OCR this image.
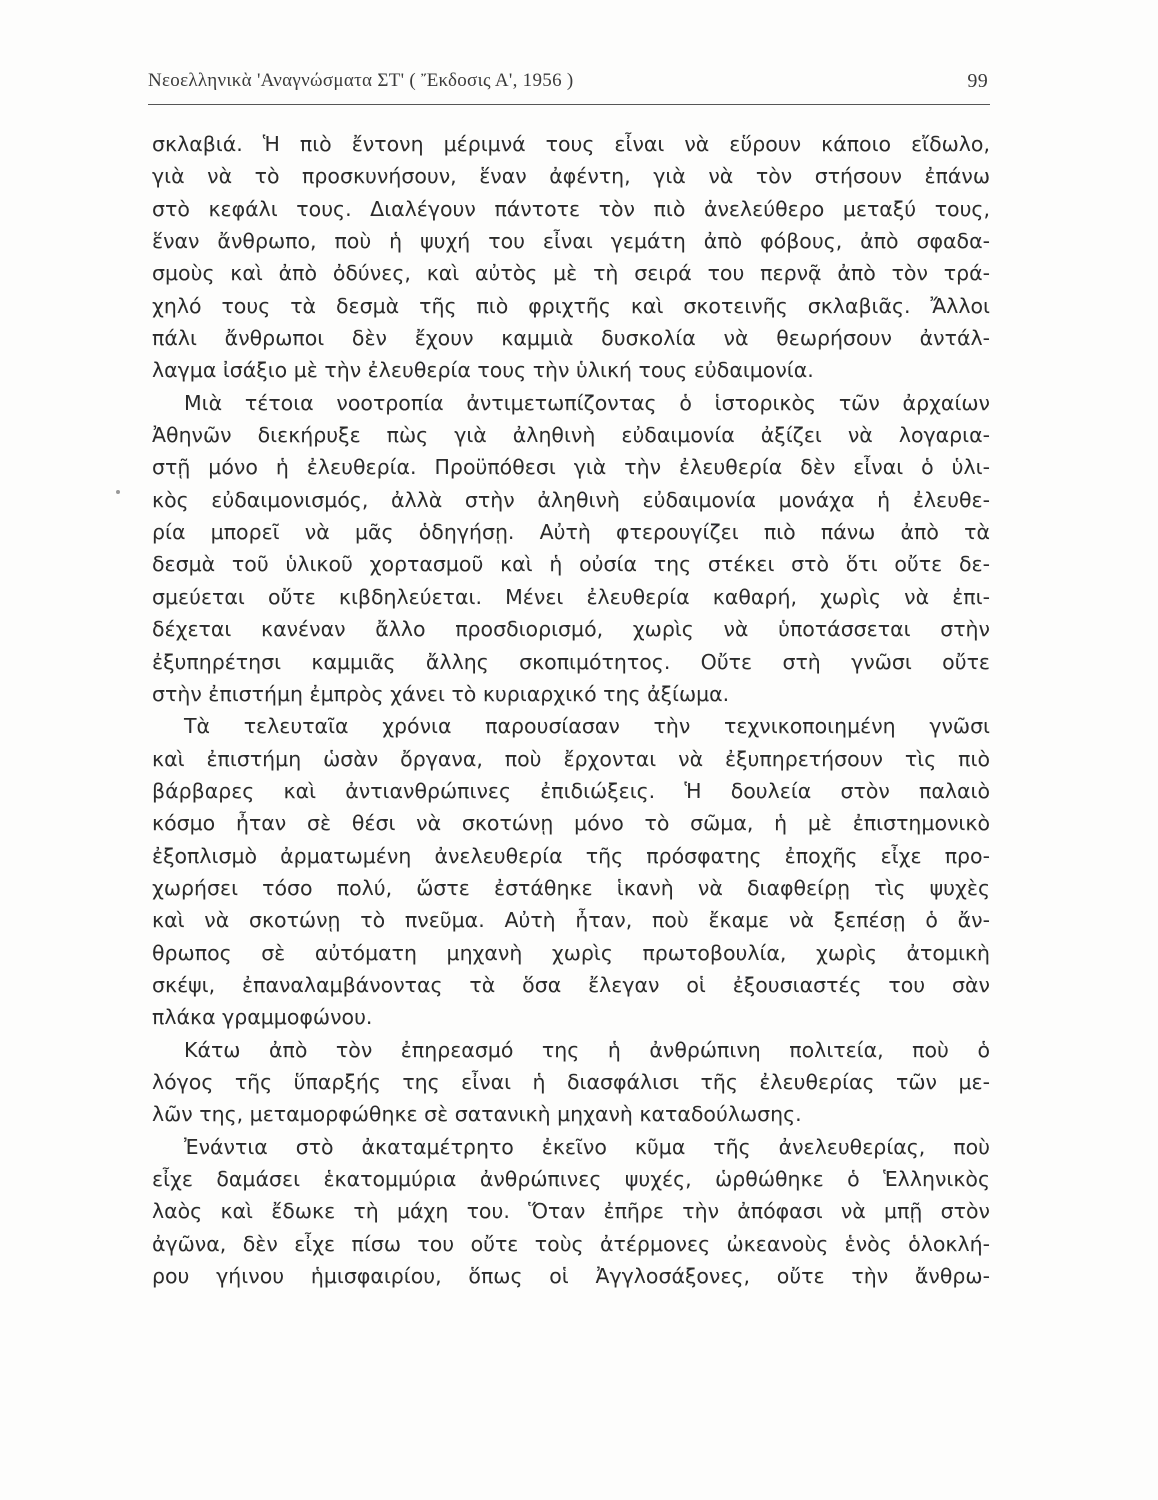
Νεοελληνικὰ 'Αναγνώσματα ΣΤ' ( Ἔκδοσις Α', 1956 )	99
σκλαβιά. Ἡ πιὸ ἔντονη μέριμνά τους εἶναι νὰ εὕρουν κάποιο εἴδωλο,
γιὰ νὰ τὸ προσκυνήσουν, ἕναν ἀφέντη, γιὰ νὰ τὸν στήσουν ἐπάνω
στὸ κεφάλι τους. Διαλέγουν πάντοτε τὸν πιὸ ἀνελεύθερο μεταξύ τους,
ἕναν ἄνθρωπο, ποὺ ἡ ψυχή του εἶναι γεμάτη ἀπὸ φόβους, ἀπὸ σφαδα-
σμοὺς καὶ ἀπὸ ὀδύνες, καὶ αὐτὸς μὲ τὴ σειρά του περνᾷ ἀπὸ τὸν τρά-
χηλό τους τὰ δεσμὰ τῆς πιὸ φριχτῆς καὶ σκοτεινῆς σκλαβιᾶς. Ἄλλοι
πάλι ἄνθρωποι δὲν ἔχουν καμμιὰ δυσκολία νὰ θεωρήσουν ἀντάλ-
λαγμα ἰσάξιο μὲ τὴν ἐλευθερία τους τὴν ὑλική τους εὐδαιμονία.
Μιὰ τέτοια νοοτροπία ἀντιμετωπίζοντας ὁ ἱστορικὸς τῶν ἀρχαίων
Ἀθηνῶν διεκήρυξε πὼς γιὰ ἀληθινὴ εὐδαιμονία ἀξίζει νὰ λογαρια-
στῇ μόνο ἡ ἐλευθερία. Προϋπόθεσι γιὰ τὴν ἐλευθερία δὲν εἶναι ὁ ὑλι-
κὸς εὐδαιμονισμός, ἀλλὰ στὴν ἀληθινὴ εὐδαιμονία μονάχα ἡ ἐλευθε-
ρία μπορεῖ νὰ μᾶς ὁδηγήσῃ. Αὐτὴ φτερουγίζει πιὸ πάνω ἀπὸ τὰ
δεσμὰ τοῦ ὑλικοῦ χορτασμοῦ καὶ ἡ οὐσία της στέκει στὸ ὅτι οὔτε δε-
σμεύεται οὔτε κιβδηλεύεται. Μένει ἐλευθερία καθαρή, χωρὶς νὰ ἐπι-
δέχεται κανέναν ἄλλο προσδιορισμό, χωρὶς νὰ ὑποτάσσεται στὴν
ἐξυπηρέτησι καμμιᾶς ἄλλης σκοπιμότητος. Οὔτε στὴ γνῶσι οὔτε
στὴν ἐπιστήμη ἐμπρὸς χάνει τὸ κυριαρχικό της ἀξίωμα.
Τὰ τελευταῖα χρόνια παρουσίασαν τὴν τεχνικοποιημένη γνῶσι
καὶ ἐπιστήμη ὡσὰν ὄργανα, ποὺ ἔρχονται νὰ ἐξυπηρετήσουν τὶς πιὸ
βάρβαρες καὶ ἀντιανθρώπινες ἐπιδιώξεις. Ἡ δουλεία στὸν παλαιὸ
κόσμο ἦταν σὲ θέσι νὰ σκοτώνῃ μόνο τὸ σῶμα, ἡ μὲ ἐπιστημονικὸ
ἐξοπλισμὸ ἀρματωμένη ἀνελευθερία τῆς πρόσφατης ἐποχῆς εἶχε προ-
χωρήσει τόσο πολύ, ὥστε ἐστάθηκε ἱκανὴ νὰ διαφθείρῃ τὶς ψυχὲς
καὶ νὰ σκοτώνῃ τὸ πνεῦμα. Αὐτὴ ἦταν, ποὺ ἔκαμε νὰ ξεπέσῃ ὁ ἄν-
θρωπος σὲ αὐτόματη μηχανὴ χωρὶς πρωτοβουλία, χωρὶς ἀτομικὴ
σκέψι, ἐπαναλαμβάνοντας τὰ ὅσα ἔλεγαν οἱ ἐξουσιαστές του σὰν
πλάκα γραμμοφώνου.
Κάτω ἀπὸ τὸν ἐπηρεασμό της ἡ ἀνθρώπινη πολιτεία, ποὺ ὁ
λόγος τῆς ὕπαρξής της εἶναι ἡ διασφάλισι τῆς ἐλευθερίας τῶν με-
λῶν της, μεταμορφώθηκε σὲ σατανικὴ μηχανὴ καταδούλωσης.
Ἐνάντια στὸ ἀκαταμέτρητο ἐκεῖνο κῦμα τῆς ἀνελευθερίας, ποὺ
εἶχε δαμάσει ἑκατομμύρια ἀνθρώπινες ψυχές, ὡρθώθηκε ὁ Ἑλληνικὸς
λαὸς καὶ ἔδωκε τὴ μάχη του. Ὅταν ἐπῆρε τὴν ἀπόφασι νὰ μπῇ στὸν
ἀγῶνα, δὲν εἶχε πίσω του οὔτε τοὺς ἀτέρμονες ὠκεανοὺς ἑνὸς ὁλοκλή-
ρου γήινου ἡμισφαιρίου, ὅπως οἱ Ἀγγλοσάξονες, οὔτε τὴν ἄνθρω-
